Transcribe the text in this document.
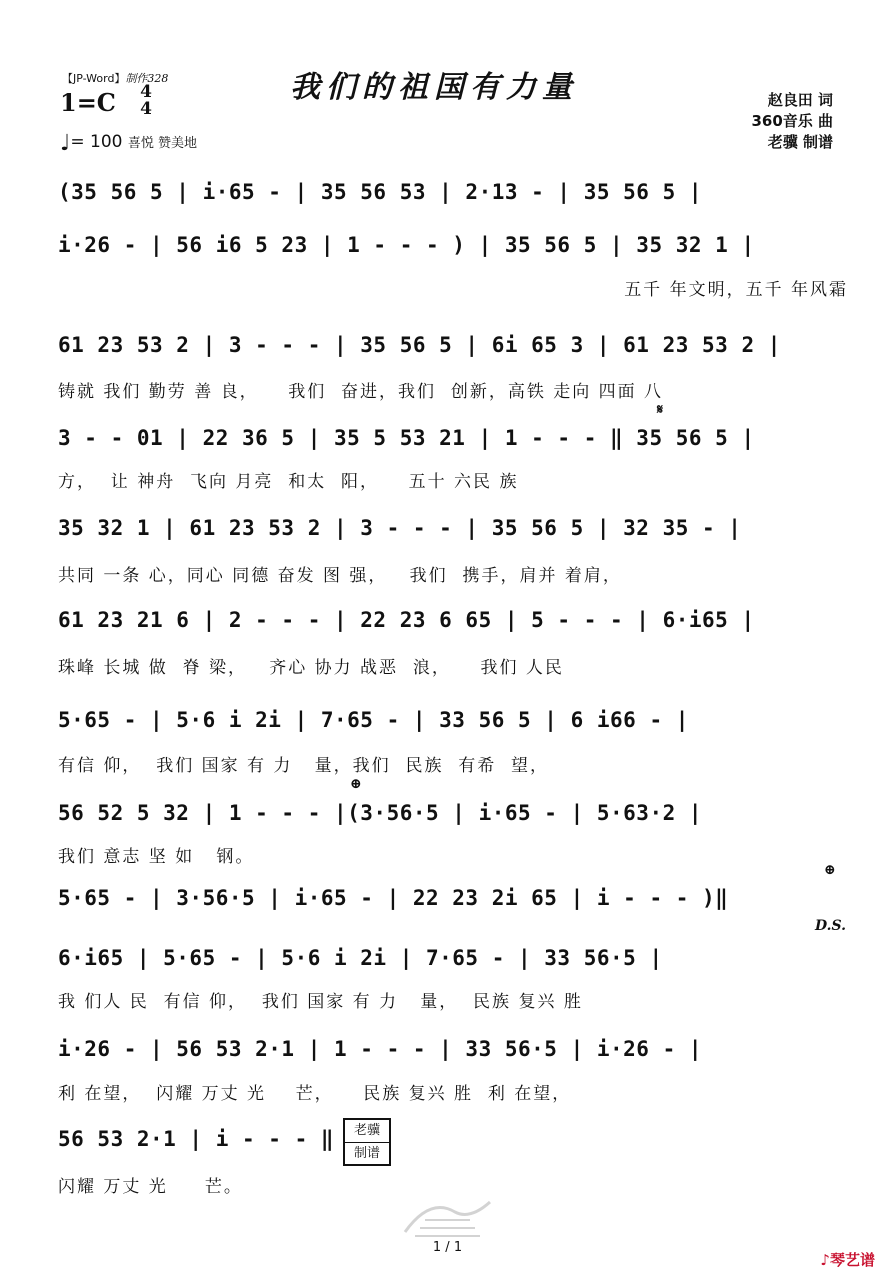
【JP-Word】制作328
1=C 4
4
♩= 100 喜悦 赞美地
我们的祖国有力量	赵良田 词
360音乐 曲
老骥 制谱
(35 56 5 | i·65 - | 35 56 53 | 2·13 - | 35 56 5 |
i·26 - | 56 i6 5 23 | 1 - - - ) | 35 56 5 | 35 32 1 |
五千 年文明，五千 年风霜
61 23 53 2 | 3 - - - | 35 56 5 | 6i 65 3 | 61 23 53 2 |
铸就 我们 勤劳 善 良，    我们  奋进，我们  创新，高铁 走向 四面 八
𝄋
3 - - 01 | 22 36 5 | 35 5 53 21 | 1 - - - ‖ 35 56 5 |
方，  让 神舟  飞向 月亮  和太  阳，    五十 六民 族
35 32 1 | 61 23 53 2 | 3 - - - | 35 56 5 | 32 35 - |
共同 一条 心，同心 同德 奋发 图 强，   我们  携手，肩并 着肩，
61 23 21 6 | 2 - - - | 22 23 6 65 | 5 - - - | 6·i65 |
珠峰 长城 做  脊 梁，   齐心 协力 战恶  浪，    我们 人民
5·65 - | 5·6 i 2i | 7·65 - | 33 56 5 | 6 i66 - |
有信 仰，  我们 国家 有 力   量，我们  民族  有希  望，
⊕
56 52 5 32 | 1 - - - |(3·56·5 | i·65 - | 5·63·2 |
我们 意志 坚 如   钢。
⊕
5·65 - | 3·56·5 | i·65 - | 22 23 2i 65 | i - - - )‖
D.S.
6·i65 | 5·65 - | 5·6 i 2i | 7·65 - | 33 56·5 |
我 们人 民  有信 仰，  我们 国家 有 力   量，  民族 复兴 胜
i·26 - | 56 53 2·1 | 1 - - - | 33 56·5 | i·26 - |
利 在望，  闪耀 万丈 光    芒，    民族 复兴 胜  利 在望，
56 53 2·1 | i - - - ‖
闪耀 万丈 光     芒。
老骥
制谱
1 / 1
♪琴艺谱
